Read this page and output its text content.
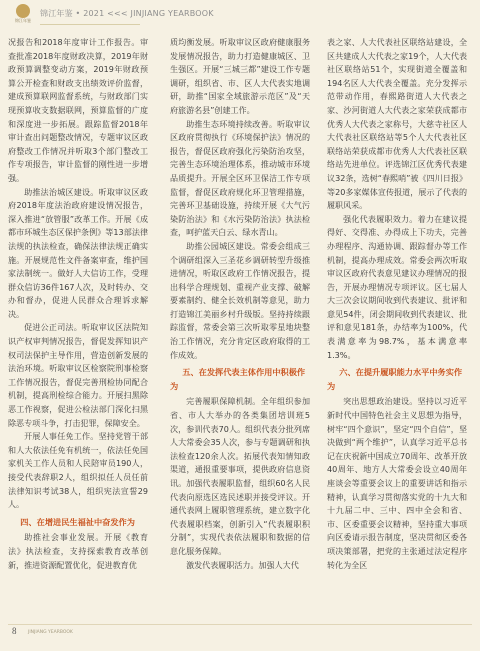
锦江年鉴
锦江年鉴 • 2021 <<< JINJIANG YEARBOOK

况报告和2018年度审计工作报告。审查批准2018年度财政决算，2019年财政预算调整变动方案，2019年财政预算公开检查和财政支出绩效评价监督，建成预算联网监督系统，与财政部门实现预算收支数据联网，预算监督的广度和深度进一步拓展。跟踪监督2018年审计查出问题整改情况，专题审议区政府整改工作情况并听取3个部门整改工作专项报告，审计监督的刚性进一步增强。

助推法治城区建设。听取审议区政府2018年度法治政府建设情况报告，深入推进“放管服”改革工作。开展《成都市环城生态区保护条例》等13部法律法规的执法检查，确保法律法规正确实施。开展规范性文件备案审查，维护国家法制统一。做好人大信访工作，受理群众信访36件167人次，及时转办、交办和督办，促进人民群众合理诉求解决。

促进公正司法。听取审议区法院知识产权审判情况报告，督促发挥知识产权司法保护主导作用，营造创新发展的法治环境。听取审议区检察院刑事检察工作情况报告，督促完善刑检协同配合机制，提高刑检综合能力。开展扫黑除恶工作视察，促进公检法部门深化扫黑除恶专项斗争，打击犯罪，保障安全。

开展人事任免工作。坚持党管干部和人大依法任免有机统一，依法任免国家机关工作人员和人民陪审员190人，接受代表辞职2人，组织拟任人员任前法律知识考试38人，组织宪法宣誓29人。

四、在增进民生福祉中奋发作为

助推社会事业发展。开展《教育法》执法检查，支持探索教育改革创新，推进资源配置优化，促进教育优

质均衡发展。听取审议区政府健康服务发展情况报告，助力打造健康城区、卫生强区。开展“三城三都”建设工作专题调研，组织省、市、区人大代表实地调研，助推“国家全域旅游示范区”及“天府旅游名县”创建工作。

助推生态环境持续改善。听取审议区政府贯彻执行《环境保护法》情况的报告，督促区政府强化污染防治攻坚，完善生态环境治理体系，推动城市环境品质提升。开展全区环卫保洁工作专项监督，督促区政府规化环卫管理措施，完善环卫基础设施，持续开展《大气污染防治法》和《水污染防治法》执法检查，呵护蓝天白云、绿水青山。

助推公园城区建设。常委会组成三个调研组深入三圣花乡调研转型升级推进情况，听取区政府工作情况报告，提出科学合理规划、重视产业支撑、破解要素制约、健全长效机制等意见，助力打造锦江美丽乡村升级版。坚持持续跟踪监督，常委会第三次听取零星地块整治工作情况，充分肯定区政府取得的工作成效。

五、在发挥代表主体作用中积极作为

完善履职保障机制。全年组织参加省、市人大举办的各类集团培训班5次，参训代表70人。组织代表分批列席人大常委会35人次，参与专题调研和执法检查120余人次。拓展代表知情知政渠道，通报重要事项，提供政府信息资讯。加强代表履职监督，组织60名人民代表向原选区选民述职并接受评议。开通代表网上履职管理系统，建立数字化代表履职档案，创新引入“代表履职积分制”，实现代表依法履职和数据的信息化服务保障。

激发代表履职活力。加强人大代

表之家、人大代表社区联络站建设，全区共建成人大代表之家19个，人大代表社区联络站51个，实现街道全覆盖和194名区人大代表全覆盖。充分发挥示范带动作用，春熙路街道人大代表之家、沙河街道人大代表之家荣获成都市优秀人大代表之家称号，大慈寺社区人大代表社区联络站等5个人大代表社区联络站荣获成都市优秀人大代表社区联络站先进单位。评选锦江区优秀代表建议32条，选树“春熙哨”被《四川日报》等20多家媒体宣传报道，展示了代表的履职风采。

强化代表履职效力。着力在建议提得好、交得准、办得成上下功夫，完善办理程序、沟通协调、跟踪督办等工作机制，提高办理成效。常委会两次听取审议区政府代表意见建议办理情况的报告，开展办理情况专项评议。区七届人大三次会议期间收到代表建议、批评和意见54件，闭会期间收到代表建议、批评和意见181条，办结率为100%，代表满意率为98.7%，基本满意率1.3%。

六、在提升履职能力水平中务实作为

突出思想政治建设。坚持以习近平新时代中国特色社会主义思想为指导，树牢“四个意识”，坚定“四个自信”，坚决做到“两个维护”，认真学习近平总书记在庆祝新中国成立70周年、改革开放40周年、地方人大常委会设立40周年座谈会等重要会议上的重要讲话和指示精神，认真学习贯彻落实党的十九大和十九届二中、三中、四中全会和省、市、区委重要会议精神，坚持重大事项向区委请示报告制度，坚决贯彻区委各项决策部署，把党的主张通过法定程序转化为全区

8	JINJIANG YEARBOOK
